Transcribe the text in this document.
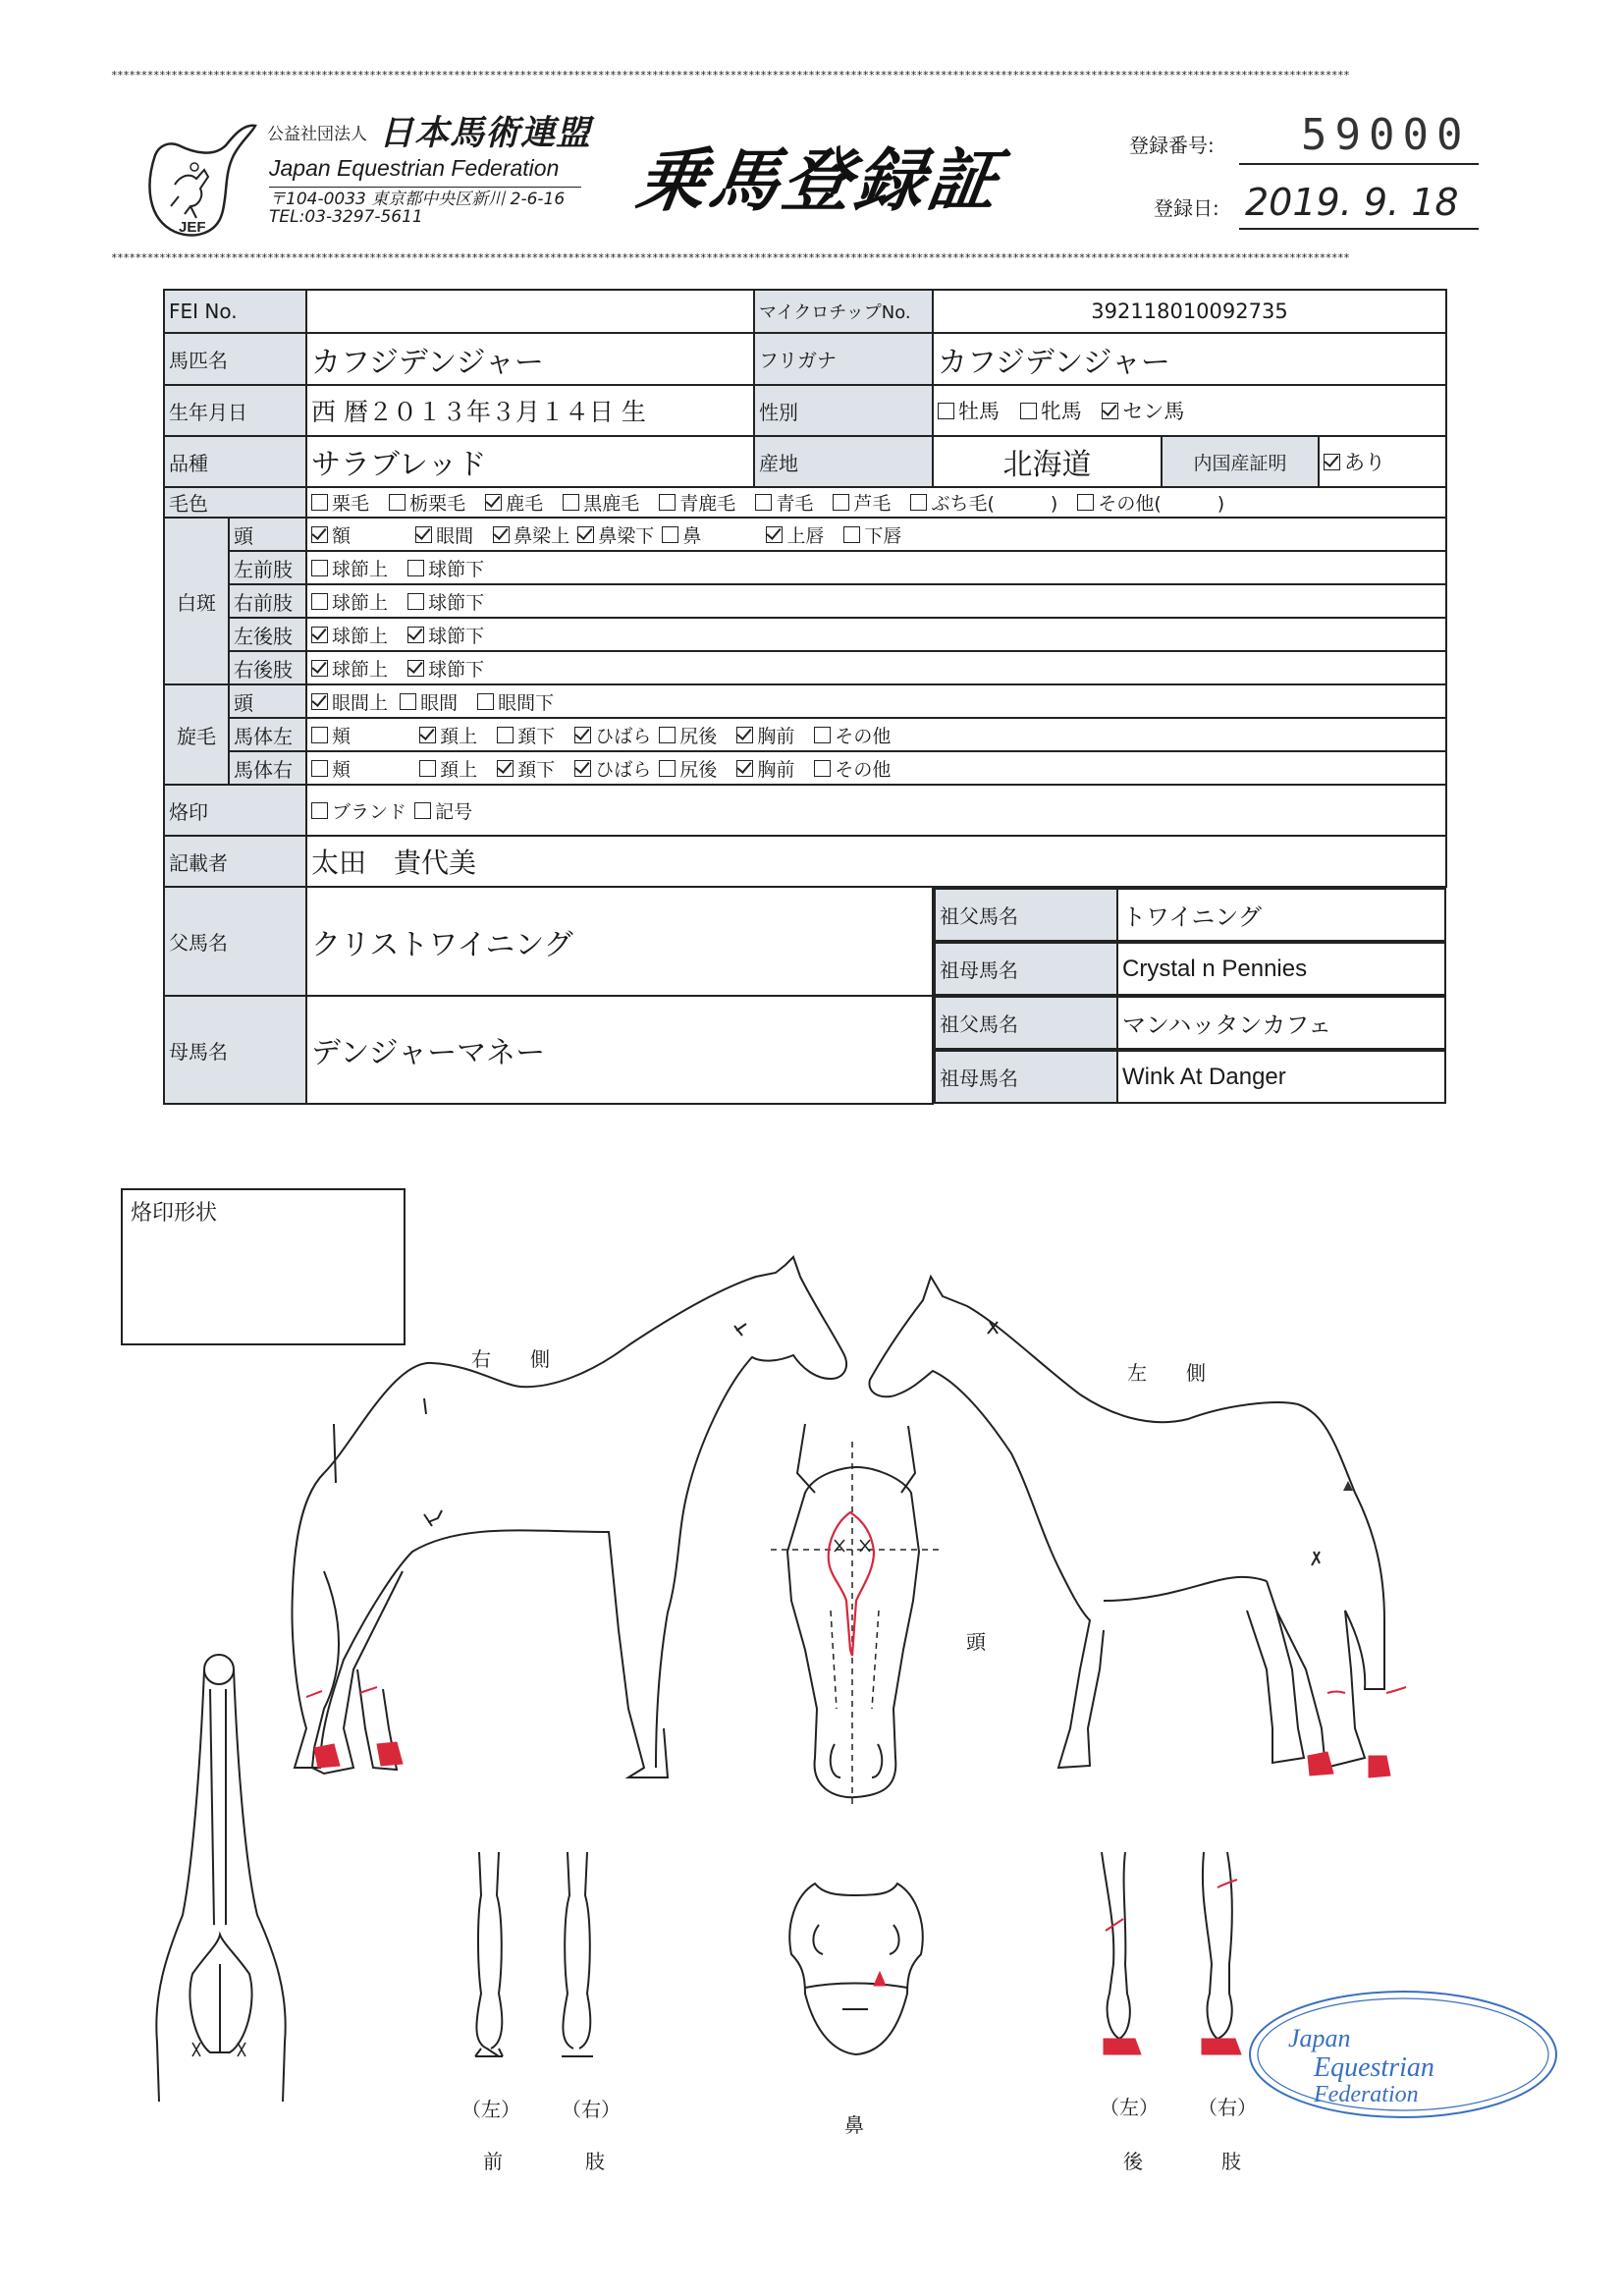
**************************************************************************************************************************************************************************************************************
**************************************************************************************************************************************************************************************************************
JEF
公益社団法人 日本馬術連盟
Japan Equestrian Federation
〒104-0033 東京都中央区新川 2-6-16
TEL:03-3297-5611	乗馬登録証	登録番号: 59000
登録日: 2019. 9. 18
FEI No.		マイクロチップNo.	392118010092735
馬匹名	カフジデンジャー	フリガナ	カフジデンジャー
生年月日	西 暦２０１３年３月１４日 生	性別	牡馬 牝馬 セン馬
品種	サラブレッド	産地	北海道	内国産証明	あり
毛色	栗毛 栃栗毛 鹿毛 黒鹿毛 青鹿毛 青毛 芦毛 ぶち毛(　　　) その他(　　　)
白斑	頭	額	眼間 鼻梁上 鼻梁下 鼻	上唇 下唇
左前肢	球節上 球節下
右前肢	球節上 球節下
左後肢	球節上 球節下
右後肢	球節上 球節下
旋毛	頭	眼間上 眼間 眼間下
馬体左	頬	頚上 頚下 ひばら 尻後 胸前 その他
馬体右	頬	頚上 頚下 ひばら 尻後 胸前 その他
烙印	ブランド 記号
記載者	太田　貴代美
父馬名	クリストワイニング	
祖父馬名	トワイニング

祖母馬名	Crystal n Pennies

母馬名	デンジャーマネー	
祖父馬名	マンハッタンカフェ

祖母馬名	Wink At Danger
烙印形状
右　　側
左　　側
頭
鼻
（左） （右）
前	肢
（左） （右）
後	肢
Japan
Equestrian
Federation
